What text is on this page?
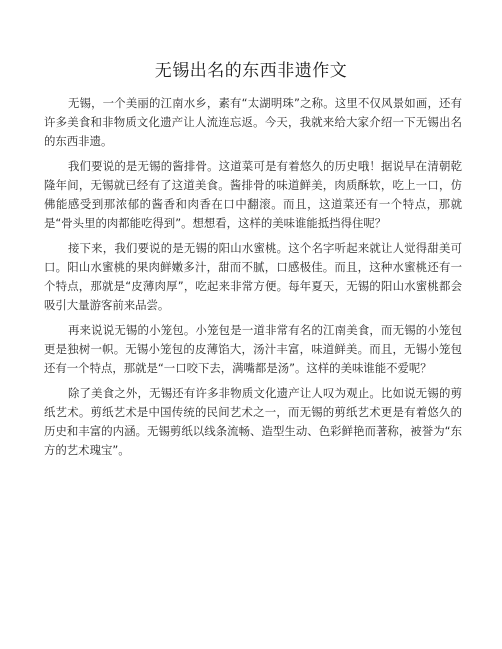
无锡出名的东西非遗作文

无锡，一个美丽的江南水乡，素有“太湖明珠”之称。这里不仅风景如画，还有许多美食和非物质文化遗产让人流连忘返。今天，我就来给大家介绍一下无锡出名的东西非遗。

我们要说的是无锡的酱排骨。这道菜可是有着悠久的历史哦！据说早在清朝乾隆年间，无锡就已经有了这道美食。酱排骨的味道鲜美，肉质酥软，吃上一口，仿佛能感受到那浓郁的酱香和肉香在口中翻滚。而且，这道菜还有一个特点，那就是“骨头里的肉都能吃得到”。想想看，这样的美味谁能抵挡得住呢？

接下来，我们要说的是无锡的阳山水蜜桃。这个名字听起来就让人觉得甜美可口。阳山水蜜桃的果肉鲜嫩多汁，甜而不腻，口感极佳。而且，这种水蜜桃还有一个特点，那就是“皮薄肉厚”，吃起来非常方便。每年夏天，无锡的阳山水蜜桃都会吸引大量游客前来品尝。

再来说说无锡的小笼包。小笼包是一道非常有名的江南美食，而无锡的小笼包更是独树一帜。无锡小笼包的皮薄馅大，汤汁丰富，味道鲜美。而且，无锡小笼包还有一个特点，那就是“一口咬下去，满嘴都是汤”。这样的美味谁能不爱呢？

除了美食之外，无锡还有许多非物质文化遗产让人叹为观止。比如说无锡的剪纸艺术。剪纸艺术是中国传统的民间艺术之一，而无锡的剪纸艺术更是有着悠久的历史和丰富的内涵。无锡剪纸以线条流畅、造型生动、色彩鲜艳而著称，被誉为“东方的艺术瑰宝”。
